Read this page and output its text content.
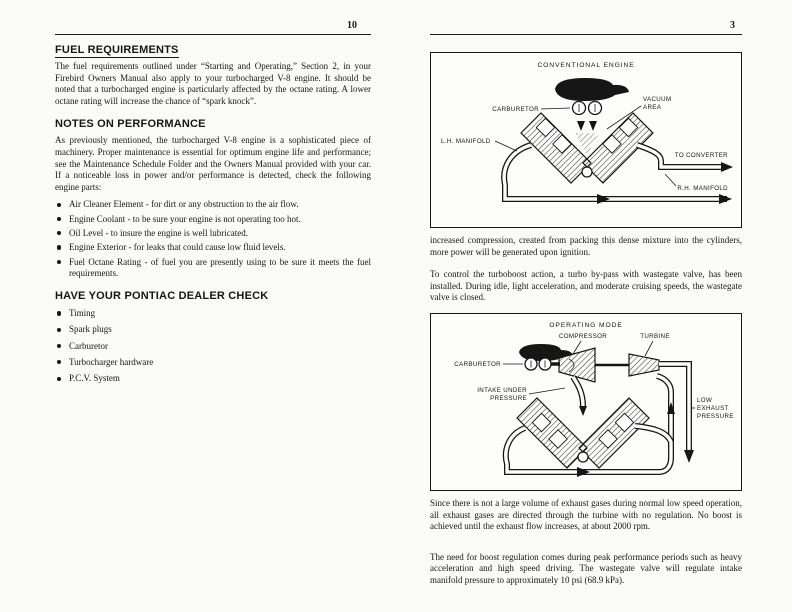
10
FUEL REQUIREMENTS

The fuel requirements outlined under “Starting and Operating,” Section 2, in your Firebird Owners Manual also apply to your turbocharged V-8 engine. It should be noted that a turbocharged engine is particularly affected by the octane rating. A lower octane rating will increase the chance of “spark knock”.

NOTES ON PERFORMANCE

As previously mentioned, the turbocharged V-8 engine is a sophisticated piece of machinery. Proper maintenance is essential for optimum engine life and performance; see the Maintenance Schedule Folder and the Owners Manual provided with your car. If a noticeable loss in power and/or performance is detected, check the following engine parts:

Air Cleaner Element - for dirt or any obstruction to the air flow.
Engine Coolant - to be sure your engine is not operating too hot.
Oil Level - to insure the engine is well lubricated.
Engine Exterior - for leaks that could cause low fluid levels.
Fuel Octane Rating - of fuel you are presently using to be sure it meets the fuel requirements.
HAVE YOUR PONTIAC DEALER CHECK
Timing
Spark plugs
Carburetor
Turbocharger hardware
P.C.V. System
3
CONVENTIONAL ENGINE
CARBURETOR
VACUUM
AREA
L.H. MANIFOLD
TO CONVERTER
R.H. MANIFOLD

increased compression, created from packing this dense mixture into the cylinders, more power will be generated upon ignition.

To control the turboboost action, a turbo by-pass with wastegate valve, has been installed. During idle, light acceleration, and moderate cruising speeds, the wastegate valve is closed.

OPERATING MODE
CARBURETOR
COMPRESSOR	TURBINE
INTAKE UNDER
PRESSURE	LOW
EXHAUST
PRESSURE

Since there is not a large volume of exhaust gases during normal low speed operation, all exhaust gases are directed through the turbine with no regulation. No boost is achieved until the exhaust flow increases, at about 2000 rpm.

The need for boost regulation comes during peak performance periods such as heavy acceleration and high speed driving. The wastegate valve will regulate intake manifold pressure to approximately 10 psi (68.9 kPa).
